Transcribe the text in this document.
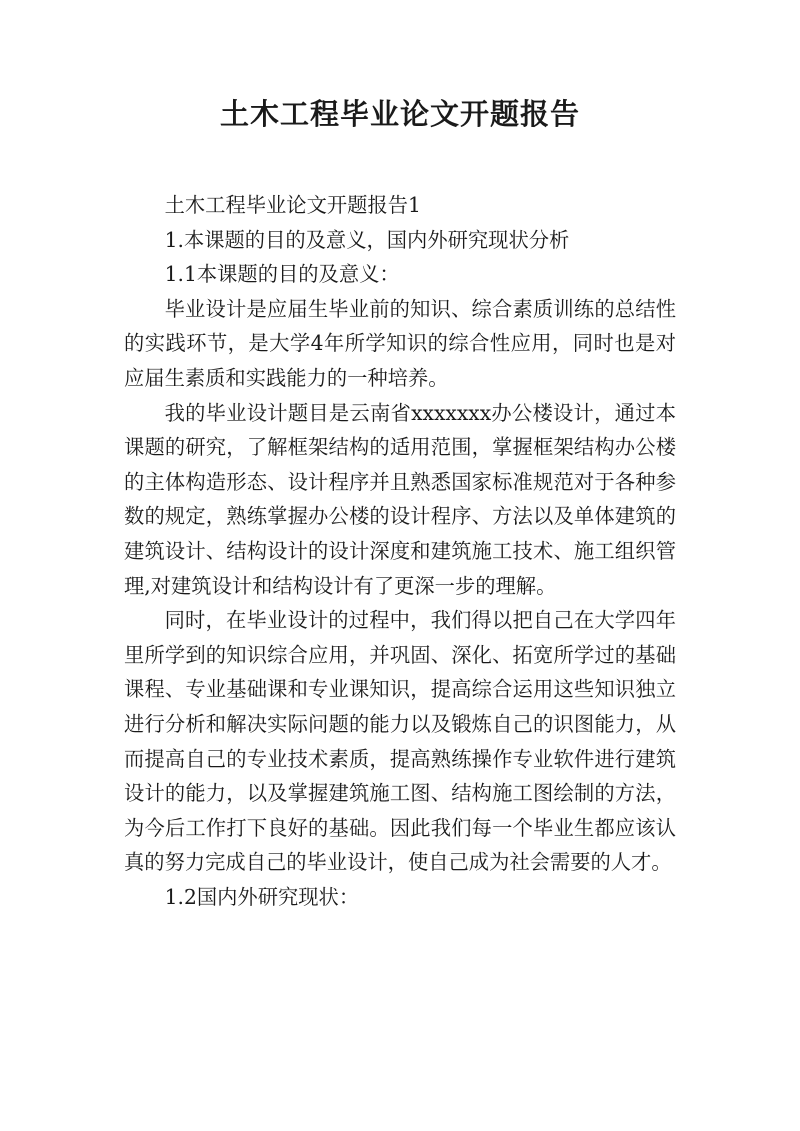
土木工程毕业论文开题报告

土木工程毕业论文开题报告1

1.本课题的目的及意义，国内外研究现状分析

1.1本课题的目的及意义：

毕业设计是应届生毕业前的知识、综合素质训练的总结性的实践环节，是大学4年所学知识的综合性应用，同时也是对应届生素质和实践能力的一种培养。

我的毕业设计题目是云南省xxxxxxx办公楼设计，通过本课题的研究，了解框架结构的适用范围，掌握框架结构办公楼的主体构造形态、设计程序并且熟悉国家标准规范对于各种参数的规定，熟练掌握办公楼的设计程序、方法以及单体建筑的建筑设计、结构设计的设计深度和建筑施工技术、施工组织管理,对建筑设计和结构设计有了更深一步的理解。

同时，在毕业设计的过程中，我们得以把自己在大学四年里所学到的知识综合应用，并巩固、深化、拓宽所学过的基础课程、专业基础课和专业课知识，提高综合运用这些知识独立进行分析和解决实际问题的能力以及锻炼自己的识图能力，从而提高自己的专业技术素质，提高熟练操作专业软件进行建筑设计的能力，以及掌握建筑施工图、结构施工图绘制的方法，为今后工作打下良好的基础。因此我们每一个毕业生都应该认真的努力完成自己的毕业设计，使自己成为社会需要的人才。

1.2国内外研究现状：
